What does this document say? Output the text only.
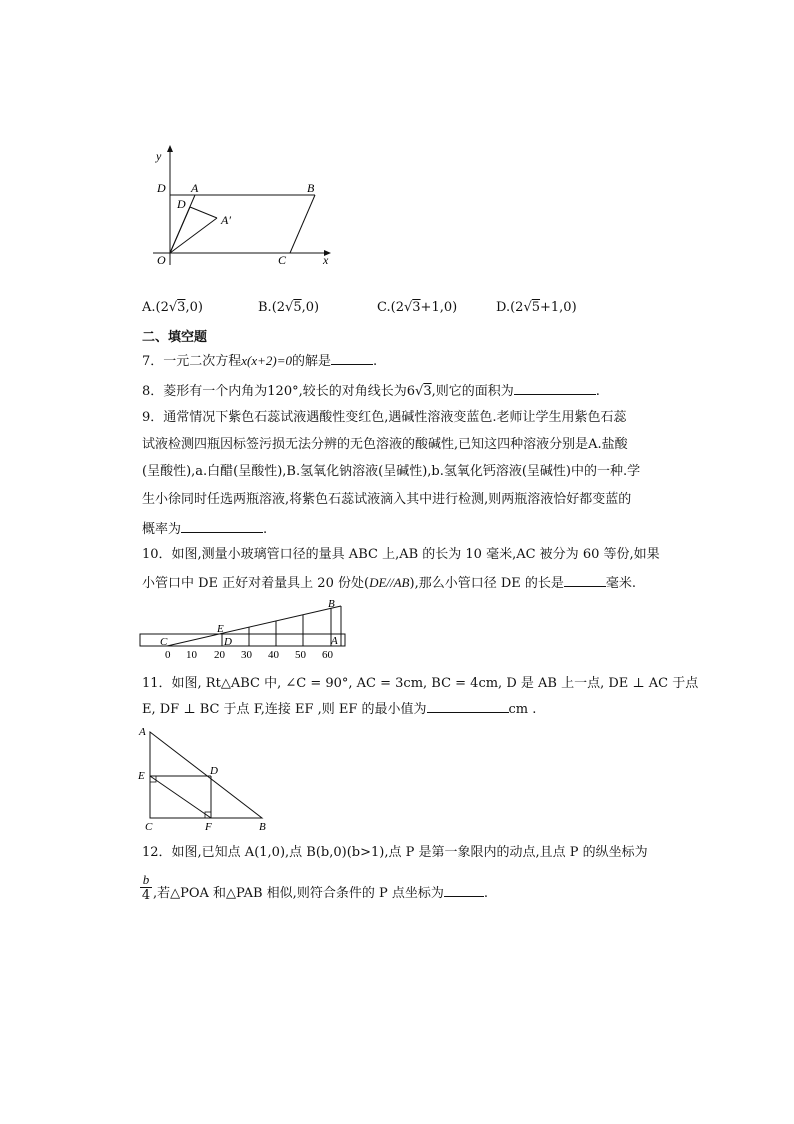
y
x
O
D A	B
C
D
A′
A.(2√3,0)	B.(2√5,0)	C.(2√3+1,0)	D.(2√5+1,0)
二、填空题
7．一元二次方程x(x+2)=0的解是	.
8．菱形有一个内角为120°,较长的对角线长为6√3,则它的面积为	.
9．通常情况下紫色石蕊试液遇酸性变红色,遇碱性溶液变蓝色.老师让学生用紫色石蕊
试液检测四瓶因标签污损无法分辨的无色溶液的酸碱性,已知这四种溶液分别是A.盐酸
(呈酸性),a.白醋(呈酸性),B.氢氧化钠溶液(呈碱性),b.氢氧化钙溶液(呈碱性)中的一种.学
生小徐同时任选两瓶溶液,将紫色石蕊试液滴入其中进行检测,则两瓶溶液恰好都变蓝的
概率为	.
10．如图,测量小玻璃管口径的量具 ABC 上,AB 的长为 10 毫米,AC 被分为 60 等份,如果
小管口中 DE 正好对着量具上 20 份处(DE//AB),那么小管口径 DE 的长是	毫米.
C
E
D
B
A
0 10 20 30 40 50 60
11．如图, Rt△ABC 中, ∠C = 90°, AC = 3cm, BC = 4cm, D 是 AB 上一点, DE ⊥ AC 于点
E, DF ⊥ BC 于点 F,连接 EF ,则 EF 的最小值为	cm .
A
E	D
C	F	B
12．如图,已知点 A(1,0),点 B(b,0)(b>1),点 P 是第一象限内的动点,且点 P 的纵坐标为
b
4 ,若△POA 和△PAB 相似,则符合条件的 P 点坐标为	.
